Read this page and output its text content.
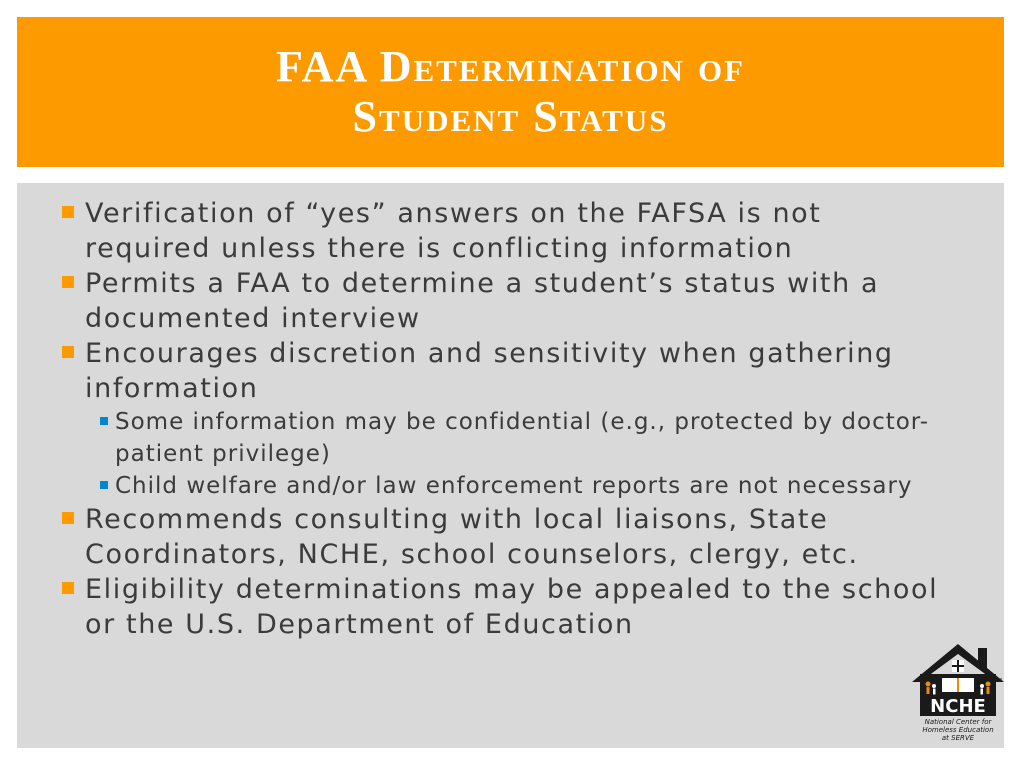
FAA Determination of
Student Status
Verification of “yes” answers on the FAFSA is not required unless there is conflicting information
Permits a FAA to determine a student’s status with a documented interview
Encourages discretion and sensitivity when gathering information
Some information may be confidential (e.g., protected by doctor-patient privilege)
Child welfare and/or law enforcement reports are not necessary
Recommends consulting with local liaisons, State Coordinators, NCHE, school counselors, clergy, etc.
Eligibility determinations may be appealed to the school or the U.S. Department of Education
NCHE
TM
National Center for
Homeless Education
at SERVE
